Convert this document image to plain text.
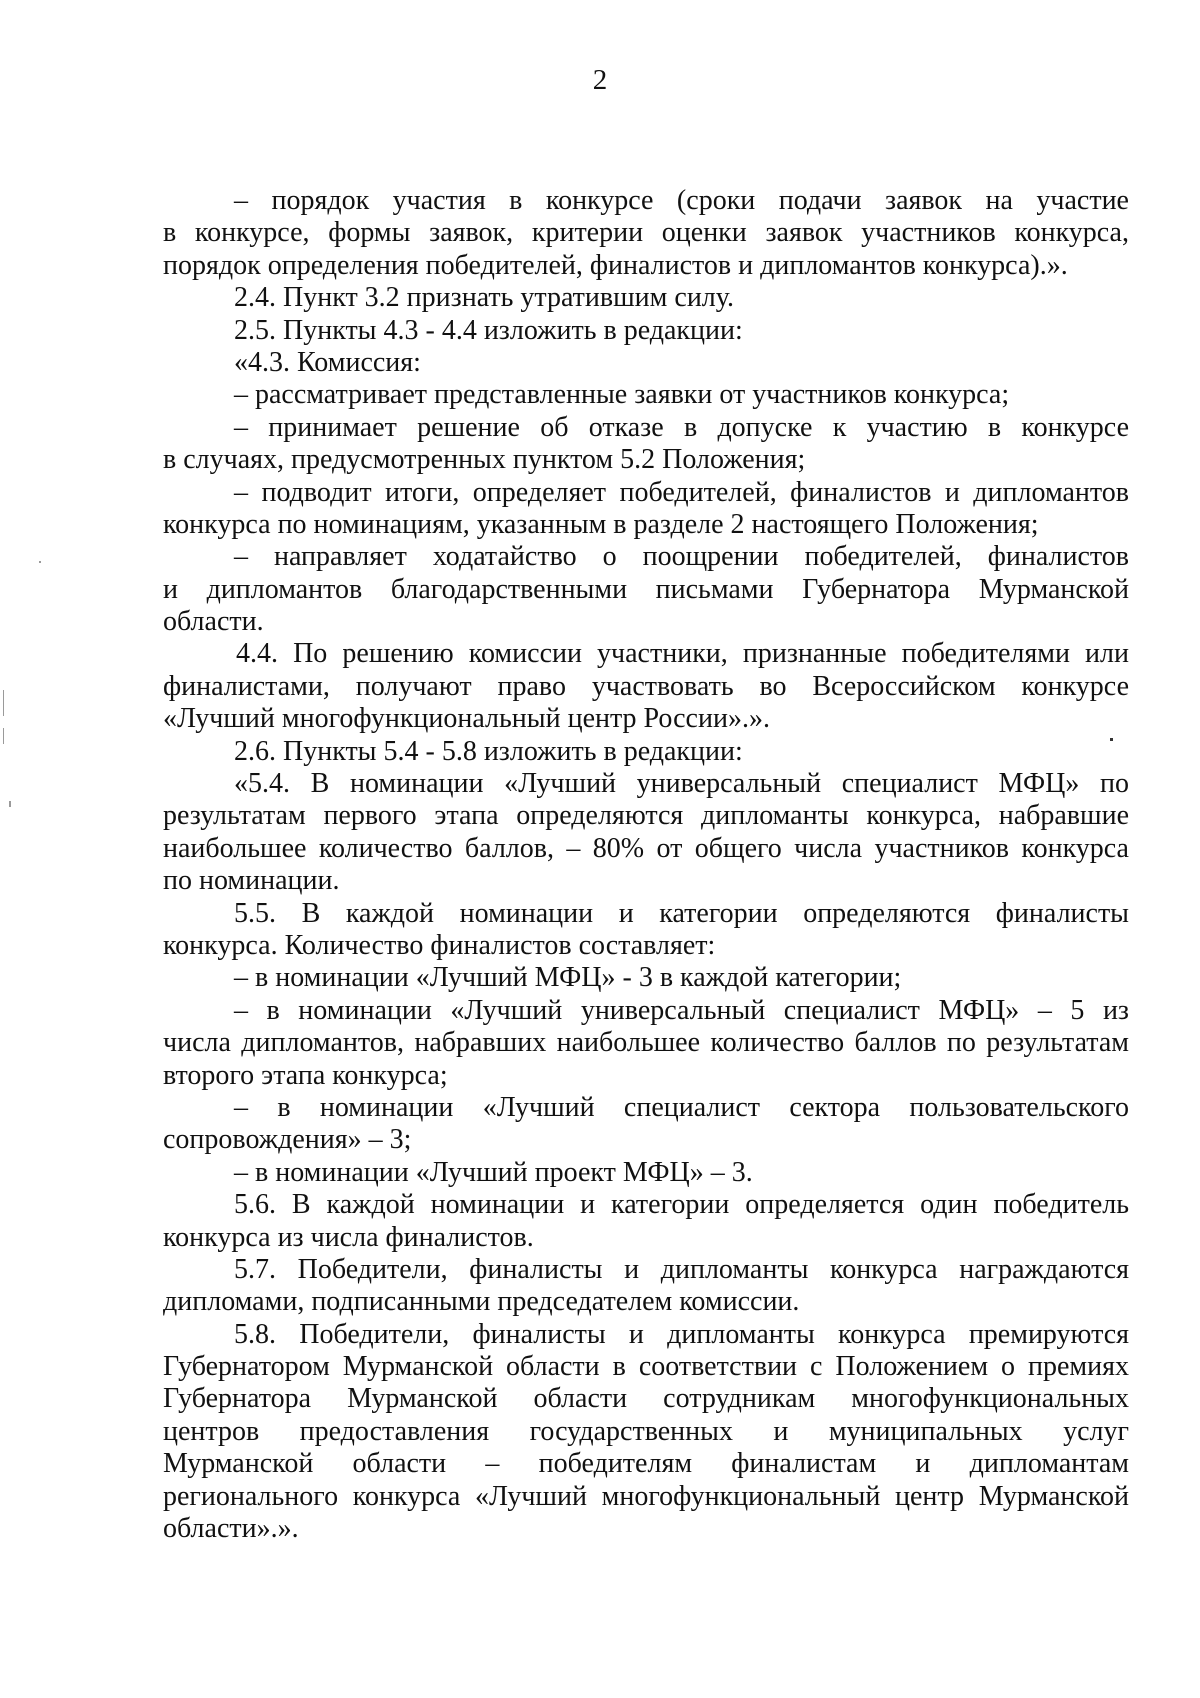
2
– порядок участия в конкурсе (сроки подачи заявок на участие
в конкурсе, формы заявок, критерии оценки заявок участников конкурса,
порядок определения победителей, финалистов и дипломантов конкурса).».
2.4. Пункт 3.2 признать утратившим силу.
2.5. Пункты 4.3 - 4.4 изложить в редакции:
«4.3. Комиссия:
– рассматривает представленные заявки от участников конкурса;
– принимает решение об отказе в допуске к участию в конкурсе
в случаях, предусмотренных пунктом 5.2 Положения;
– подводит итоги, определяет победителей, финалистов и дипломантов
конкурса по номинациям, указанным в разделе 2 настоящего Положения;
– направляет ходатайство о поощрении победителей, финалистов
и дипломантов благодарственными письмами Губернатора Мурманской
области.
4.4. По решению комиссии участники, признанные победителями или
финалистами, получают право участвовать во Всероссийском конкурсе
«Лучший многофункциональный центр России».».
2.6. Пункты 5.4 - 5.8 изложить в редакции:
«5.4. В номинации «Лучший универсальный специалист МФЦ» по
результатам первого этапа определяются дипломанты конкурса, набравшие
наибольшее количество баллов, – 80% от общего числа участников конкурса
по номинации.
5.5. В каждой номинации и категории определяются финалисты
конкурса. Количество финалистов составляет:
– в номинации «Лучший МФЦ» - 3 в каждой категории;
– в номинации «Лучший универсальный специалист МФЦ» – 5 из
числа дипломантов, набравших наибольшее количество баллов по результатам
второго этапа конкурса;
– в номинации «Лучший специалист сектора пользовательского
сопровождения» – 3;
– в номинации «Лучший проект МФЦ» – 3.
5.6. В каждой номинации и категории определяется один победитель
конкурса из числа финалистов.
5.7. Победители, финалисты и дипломанты конкурса награждаются
дипломами, подписанными председателем комиссии.
5.8. Победители, финалисты и дипломанты конкурса премируются
Губернатором Мурманской области в соответствии с Положением о премиях
Губернатора Мурманской области сотрудникам многофункциональных
центров предоставления государственных и муниципальных услуг
Мурманской области – победителям финалистам и дипломантам
регионального конкурса «Лучший многофункциональный центр Мурманской
области».».
